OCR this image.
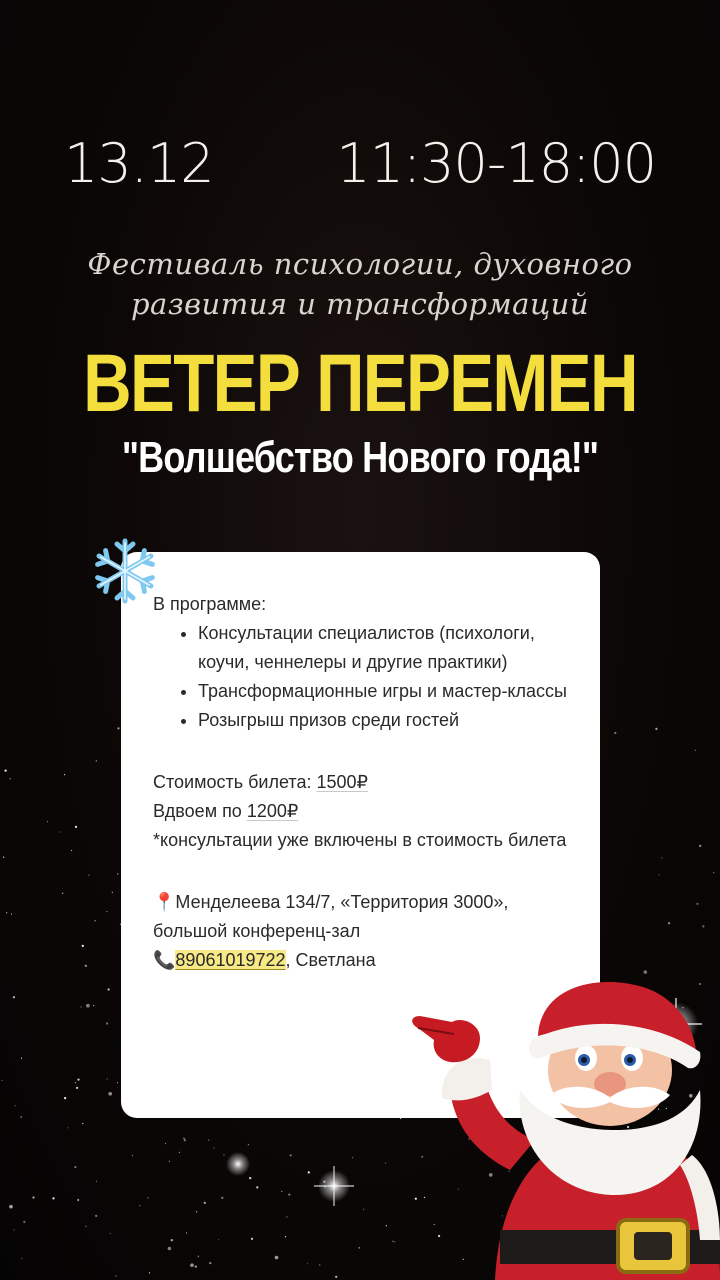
13.12 11:30-18:00
Фестиваль психологии, духовного
развития и трансформаций
ВЕТЕР ПЕРЕМЕН
"Волшебство Нового года!"

В программе:

• Консультации специалистов (психологи, коучи, ченнелеры и другие практики)
• Трансформационные игры и мастер-классы
• Розыгрыш призов среди гостей

Стоимость билета: 1500₽

Вдвоем по 1200₽

*консультации уже включены в стоимость билета

📍Менделеева 134/7, «Территория 3000»,

большой конференц-зал

📞89061019722, Светлана
